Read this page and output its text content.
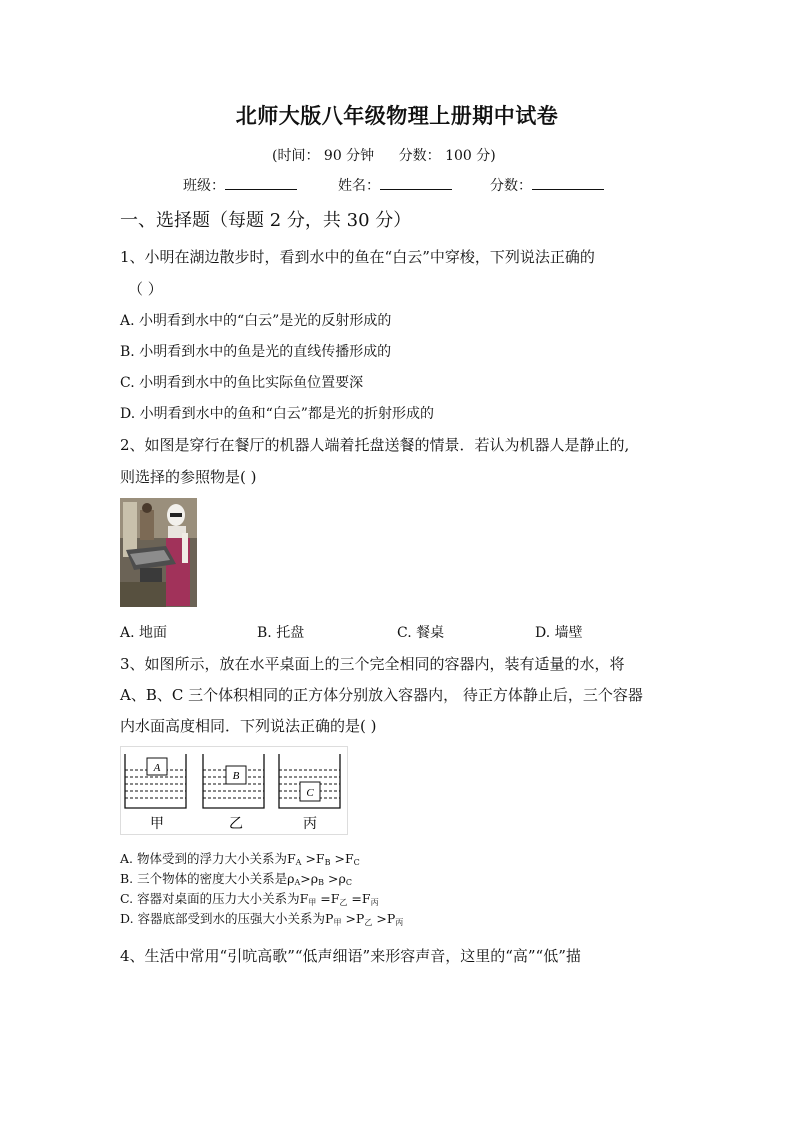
北师大版八年级物理上册期中试卷
(时间： 90 分钟 分数： 100 分)
班级：	姓名：	分数：
一、选择题（每题 2 分，共 30 分）
1、小明在湖边散步时，看到水中的鱼在“白云”中穿梭，下列说法正确的
（ ）
A. 小明看到水中的“白云”是光的反射形成的
B. 小明看到水中的鱼是光的直线传播形成的
C. 小明看到水中的鱼比实际鱼位置要深
D. 小明看到水中的鱼和“白云”都是光的折射形成的
2、如图是穿行在餐厅的机器人端着托盘送餐的情景．若认为机器人是静止的,
则选择的参照物是( )
A. 地面	B. 托盘	C. 餐桌	D. 墙壁
3、如图所示，放在水平桌面上的三个完全相同的容器内，装有适量的水，将
A、B、C 三个体积相同的正方体分别放入容器内， 待正方体静止后，三个容器
内水面高度相同．下列说法正确的是( )
A
B
C
甲	乙	丙
A. 物体受到的浮力大小关系为$F_A >F_B >F_C$
B. 三个物体的密度大小关系是$\rho_A>\rho_B >\rho_C$
C. 容器对桌面的压力大小关系为$F_甲 =F_乙 =F_丙$
D. 容器底部受到水的压强大小关系为$P_甲 >P_乙 >P_丙$
4、生活中常用“引吭高歌”“低声细语”来形容声音，这里的“高”“低”描
